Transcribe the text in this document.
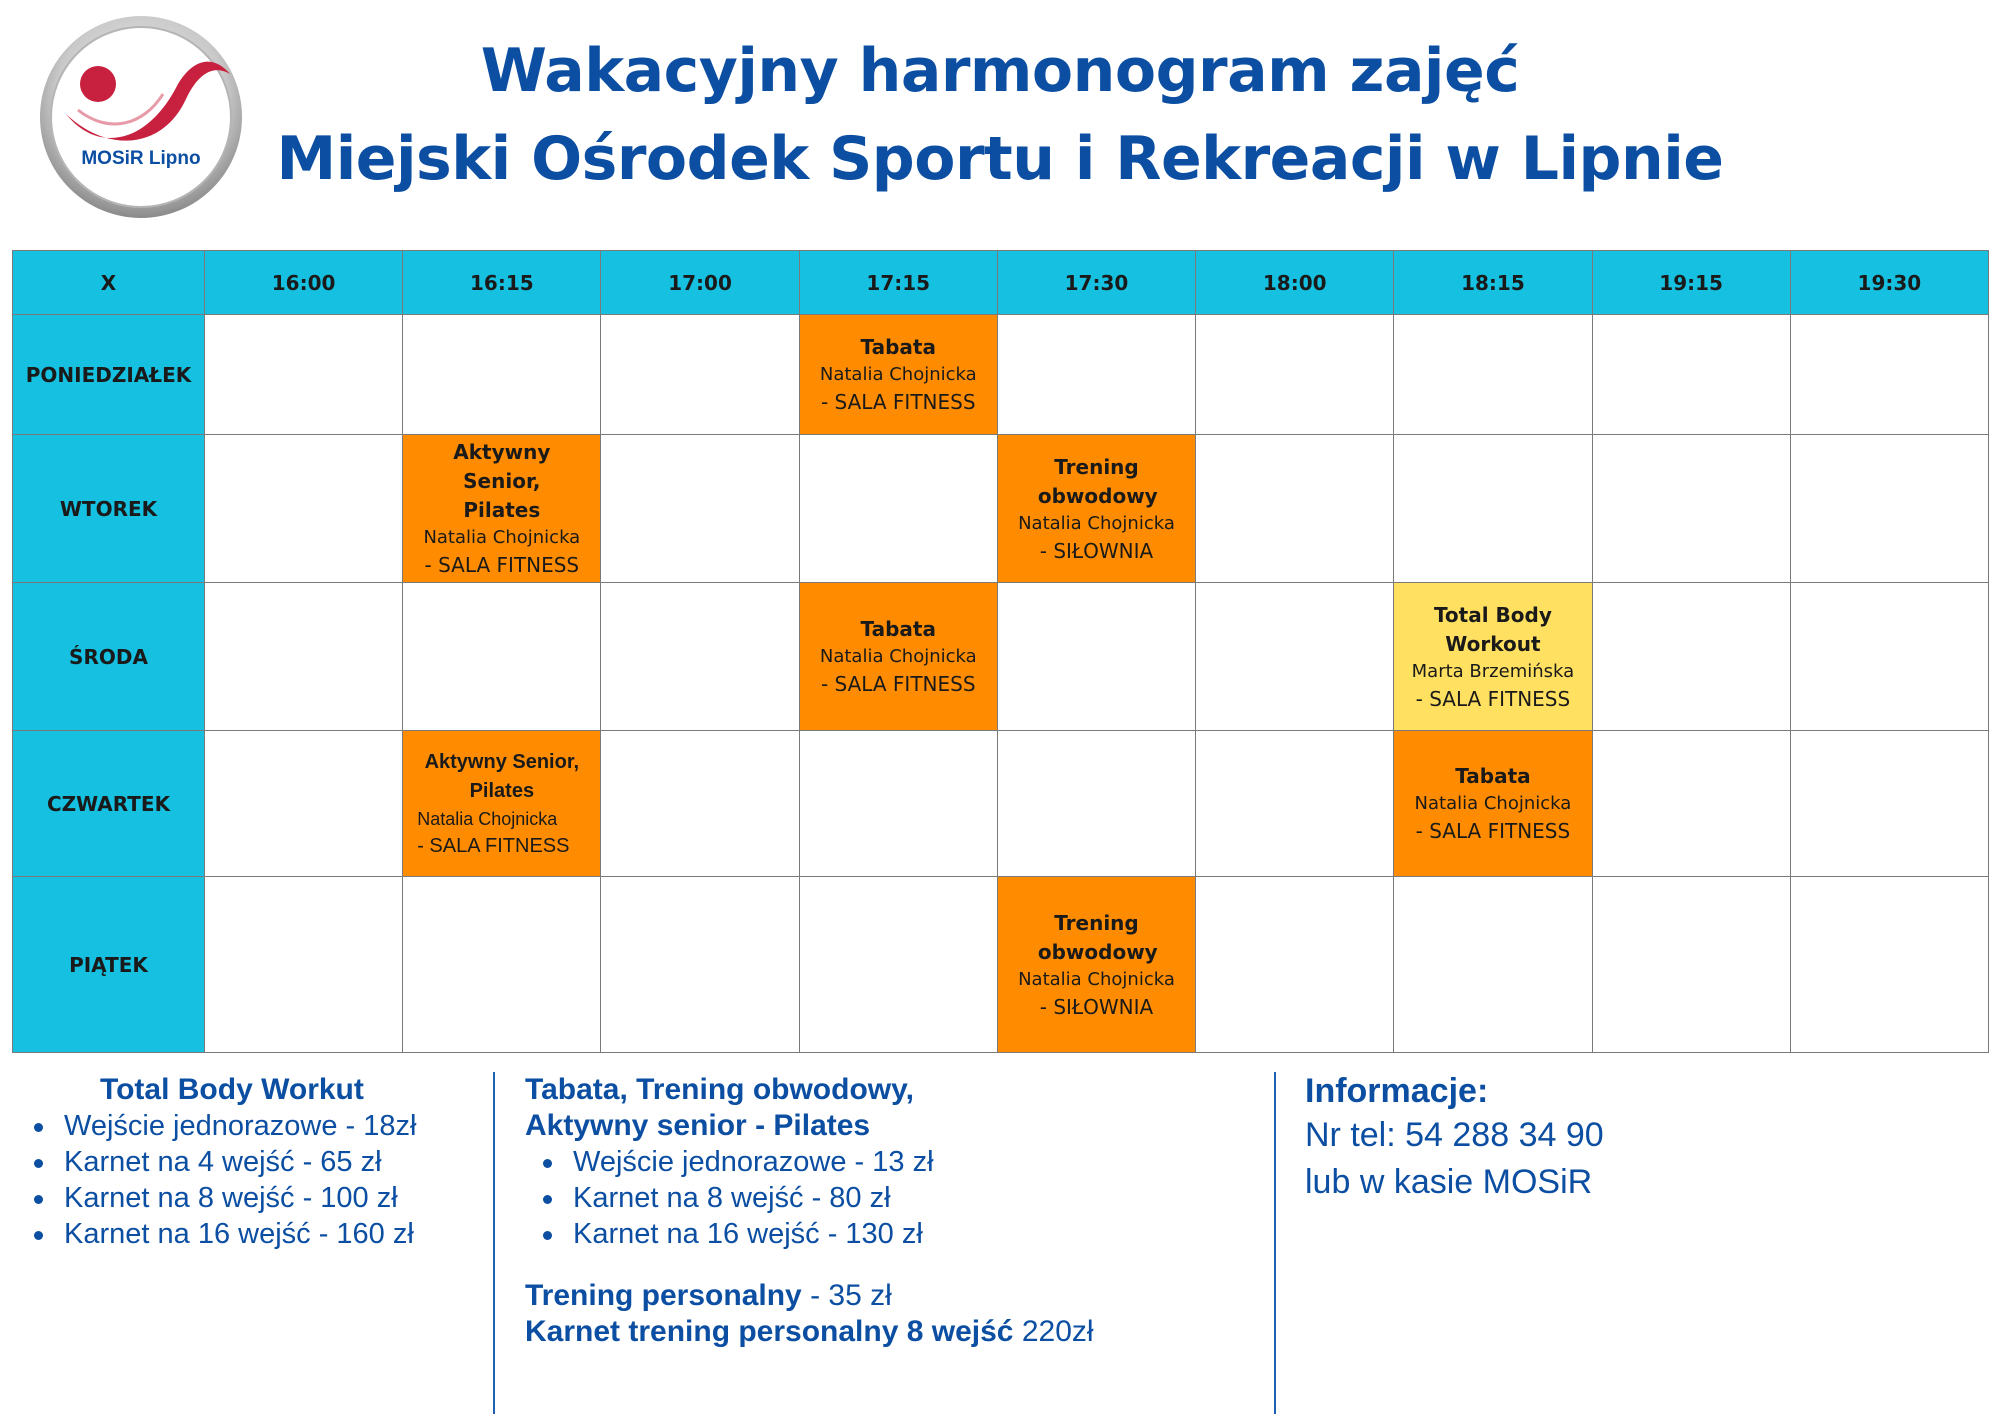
MOSiR Lipno
Wakacyjny harmonogram zajęć
Miejski Ośrodek Sportu i Rekreacji w Lipnie
X	16:00	16:15	17:00	17:15	17:30	18:00	18:15	19:15	19:30
PONIEDZIAŁEK				Tabata
Natalia Chojnicka
- SALA FITNESS					

WTOREK		Aktywny Senior, Pilates
Natalia Chojnicka
- SALA FITNESS			Trening obwodowy
Natalia Chojnicka
- SIŁOWNIA				

ŚRODA				Tabata
Natalia Chojnicka
- SALA FITNESS			Total Body Workout
Marta Brzemińska
- SALA FITNESS		

CZWARTEK		Aktywny Senior, Pilates
Natalia Chojnicka
- SALA FITNESS					Tabata
Natalia Chojnicka
- SALA FITNESS		

PIĄTEK					Trening obwodowy
Natalia Chojnicka
- SIŁOWNIA				

Total Body Workut
Wejście jednorazowe - 18zł
Karnet na 4 wejść - 65 zł
Karnet na 8 wejść - 100 zł
Karnet na 16 wejść - 160 zł
Tabata, Trening obwodowy,
Aktywny senior - Pilates
Wejście jednorazowe - 13 zł
Karnet na 8 wejść - 80 zł
Karnet na 16 wejść - 130 zł
Trening personalny - 35 zł
Karnet trening personalny 8 wejść 220zł
Informacje:

Nr tel: 54 288 34 90

lub w kasie MOSiR
